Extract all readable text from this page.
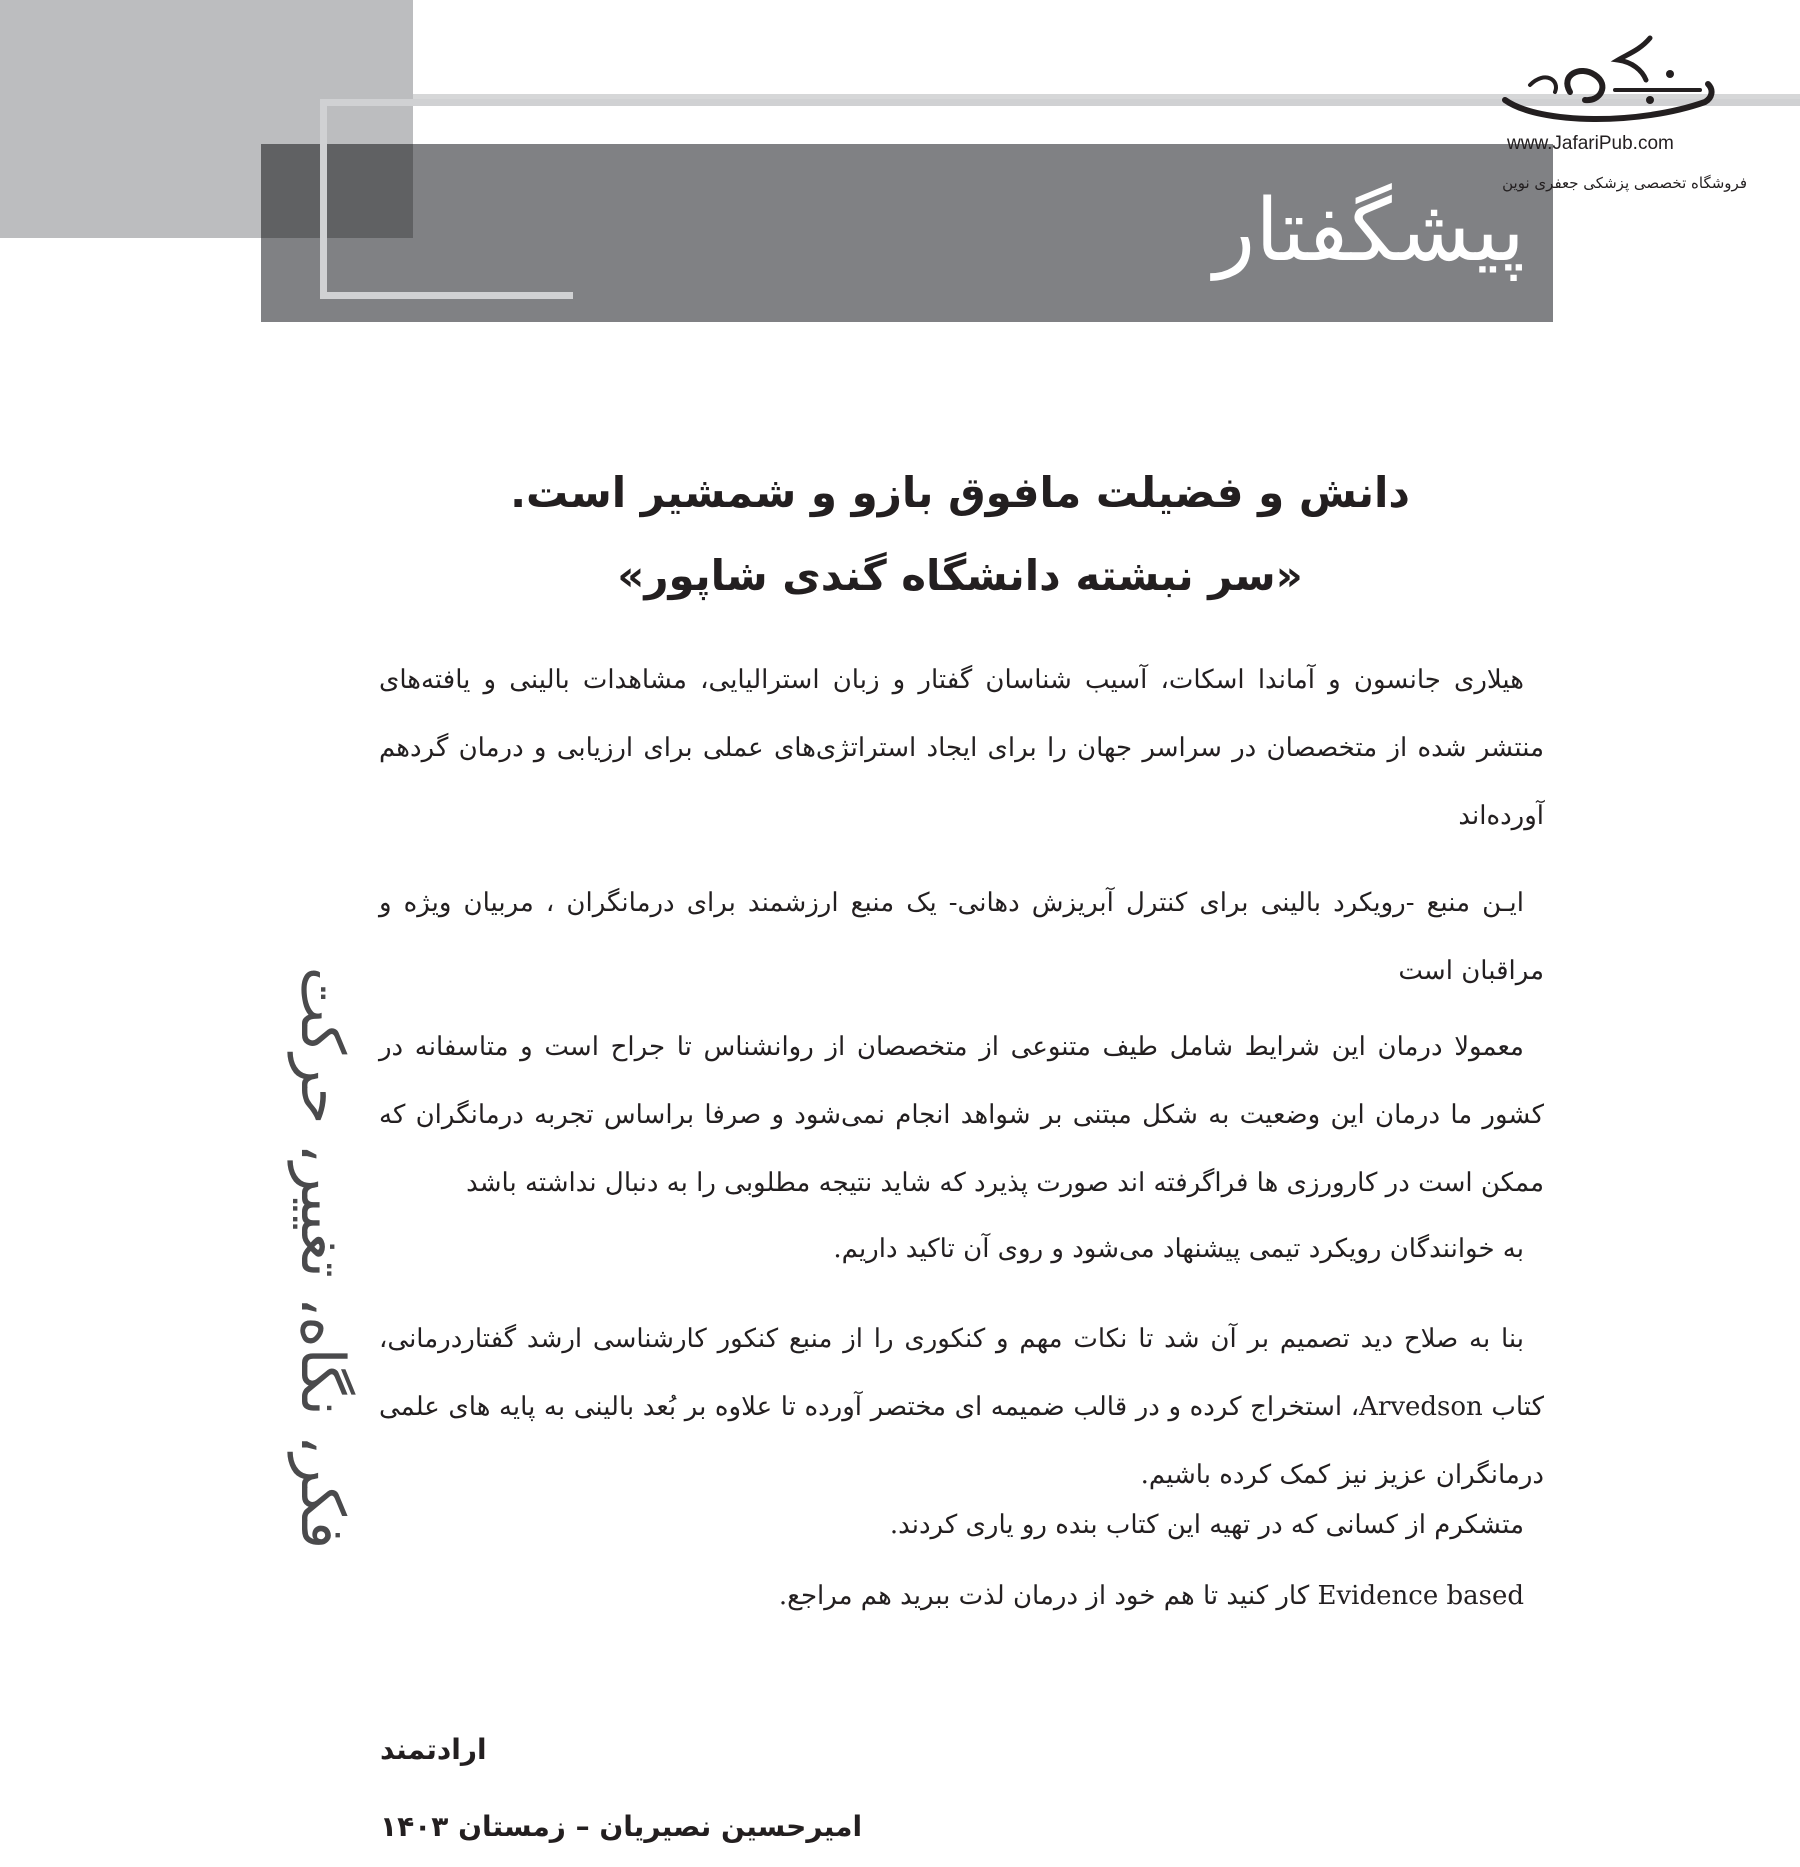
پیشگفتار
www.JafariPub.com
فروشگاه تخصصی پزشکی جعفری نوین
دانش و فضیلت مافوق بازو و شمشیر است.
«سر نبشته دانشگاه گندی شاپور»
هیلاری جانسون و آماندا اسکات، آسیب شناسان گفتار و زبان استرالیایی، مشاهدات بالینی و یافته‌های منتشر شده از متخصصان در سراسر جهان را برای ایجاد استراتژی‌های عملی برای ارزیابی و درمان گردهم آورده‌اند
ایـن منبع -رویکرد بالینی برای کنترل آبریزش دهانی- یک منبع ارزشمند برای درمانگران ، مربیان ویژه و مراقبان است
معمولا درمان این شرایط شامل طیف متنوعی از متخصصان از روانشناس تا جراح است و متاسفانه در کشور ما درمان این وضعیت به شکل مبتنی بر شواهد انجام نمی‌شود و صرفا براساس تجربه درمانگران که ممکن است در کارورزی ها فراگرفته اند صورت پذیرد که شاید نتیجه مطلوبی را به دنبال نداشته باشد
به خوانندگان رویکرد تیمی پیشنهاد می‌شود و روی آن تاکید داریم.
بنا به صلاح دید تصمیم بر آن شد تا نکات مهم و کنکوری را از منبع کنکور کارشناسی ارشد گفتاردرمانی، کتاب Arvedson، استخراج کرده و در قالب ضمیمه ای مختصر آورده تا علاوه بر بُعد بالینی به پایه های علمی درمانگران عزیز نیز کمک کرده باشیم.
متشکرم از کسانی که در تهیه این کتاب بنده رو یاری کردند.
Evidence based کار کنید تا هم خود از درمان لذت ببرید هم مراجع.
ارادتمند
امیرحسین نصیریان – زمستان ۱۴۰۳
فکر، نگاه، تغییر، حرکت
